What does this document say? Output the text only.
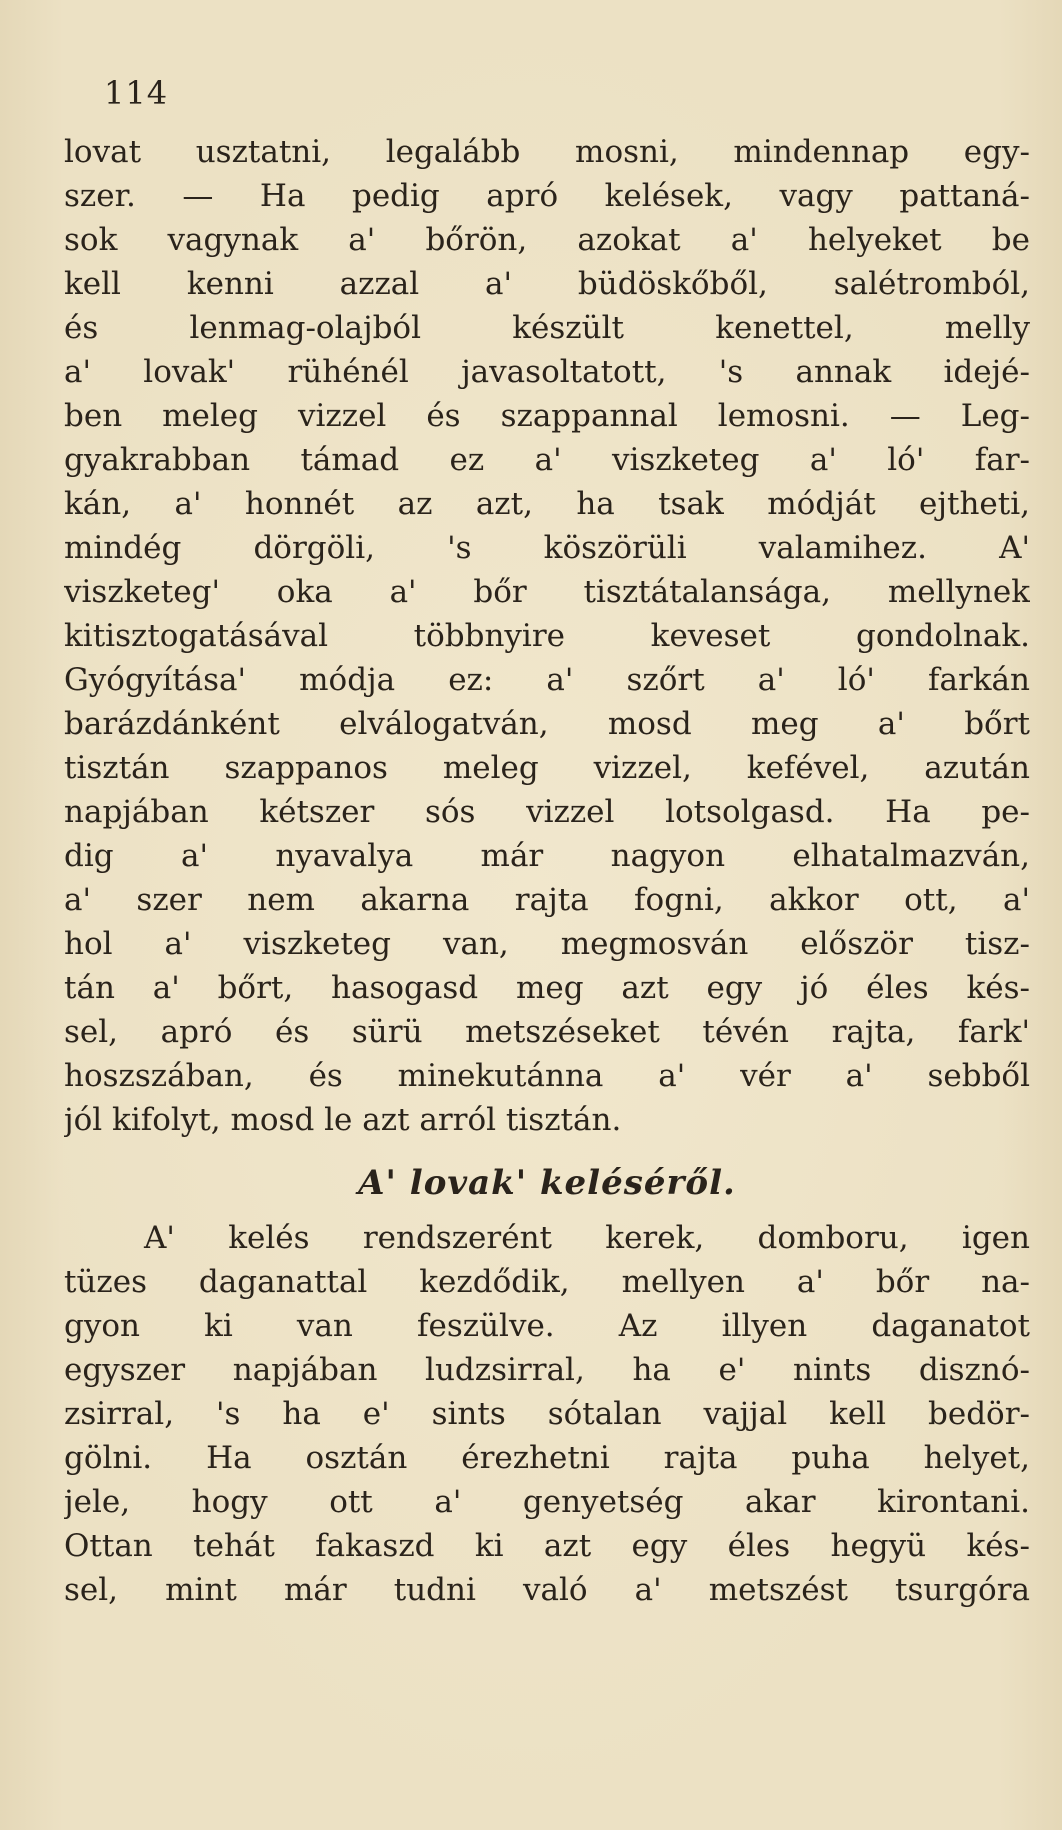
114
lovat usztatni, legalább mosni, mindennap egy-
szer. — Ha pedig apró kelések, vagy pattaná-
sok vagynak a' bőrön, azokat a' helyeket be
kell kenni azzal a' büdöskőből, salétromból,
és lenmag-olajból készült kenettel, melly
a' lovak' rühénél javasoltatott, 's annak idejé-
ben meleg vizzel és szappannal lemosni. — Leg-
gyakrabban támad ez a' viszketeg a' ló' far-
kán, a' honnét az azt, ha tsak módját ejtheti,
mindég dörgöli, 's köszörüli valamihez. A'
viszketeg' oka a' bőr tisztátalansága, mellynek
kitisztogatásával többnyire keveset gondolnak.
Gyógyítása' módja ez: a' szőrt a' ló' farkán
barázdánként elválogatván, mosd meg a' bőrt
tisztán szappanos meleg vizzel, kefével, azután
napjában kétszer sós vizzel lotsolgasd. Ha pe-
dig a' nyavalya már nagyon elhatalmazván,
a' szer nem akarna rajta fogni, akkor ott, a'
hol a' viszketeg van, megmosván először tisz-
tán a' bőrt, hasogasd meg azt egy jó éles kés-
sel, apró és sürü metszéseket tévén rajta, fark'
hoszszában, és minekutánna a' vér a' sebből
jól kifolyt, mosd le azt arról tisztán.
A' lovak' keléséről.
A' kelés rendszerént kerek, domboru, igen
tüzes daganattal kezdődik, mellyen a' bőr na-
gyon ki van feszülve. Az illyen daganatot
egyszer napjában ludzsirral, ha e' nints disznó-
zsirral, 's ha e' sints sótalan vajjal kell bedör-
gölni. Ha osztán érezhetni rajta puha helyet,
jele, hogy ott a' genyetség akar kirontani.
Ottan tehát fakaszd ki azt egy éles hegyü kés-
sel, mint már tudni való a' metszést tsurgóra
